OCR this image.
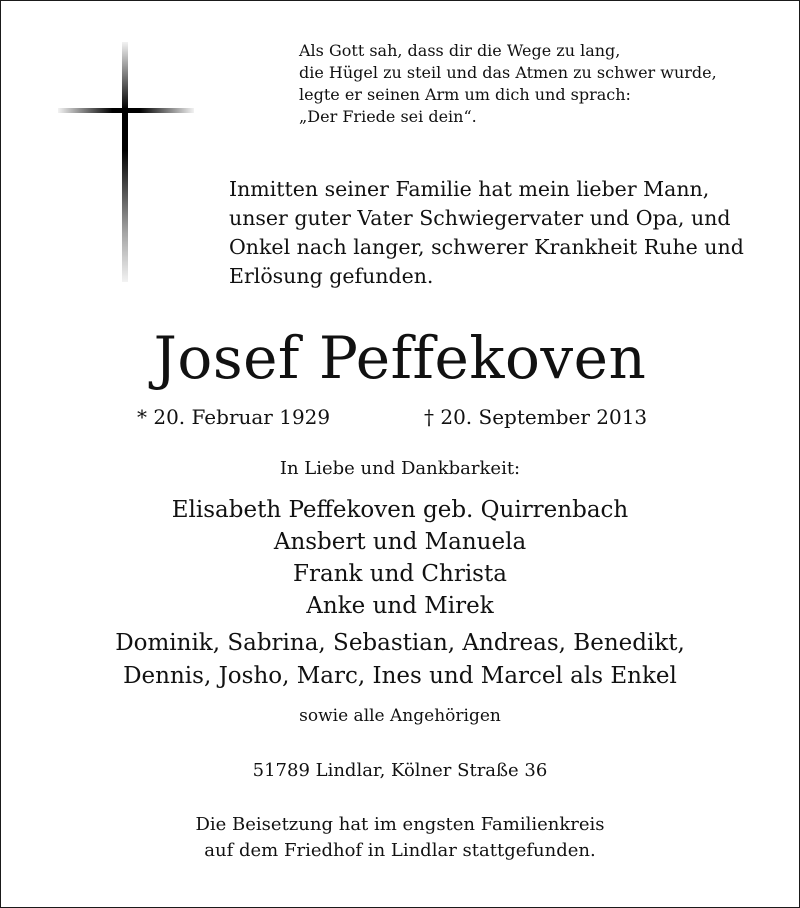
Als Gott sah, dass dir die Wege zu lang,
die Hügel zu steil und das Atmen zu schwer wurde,
legte er seinen Arm um dich und sprach:
„Der Friede sei dein“.
Inmitten seiner Familie hat mein lieber Mann,
unser guter Vater Schwiegervater und Opa, und
Onkel nach langer, schwerer Krankheit Ruhe und
Erlösung gefunden.
Josef Peffekoven
* 20. Februar 1929	† 20. September 2013
In Liebe und Dankbarkeit:
Elisabeth Peffekoven geb. Quirrenbach
Ansbert und Manuela
Frank und Christa
Anke und Mirek
Dominik, Sabrina, Sebastian, Andreas, Benedikt,
Dennis, Josho, Marc, Ines und Marcel als Enkel
sowie alle Angehörigen
51789 Lindlar, Kölner Straße 36
Die Beisetzung hat im engsten Familienkreis
auf dem Friedhof in Lindlar stattgefunden.
